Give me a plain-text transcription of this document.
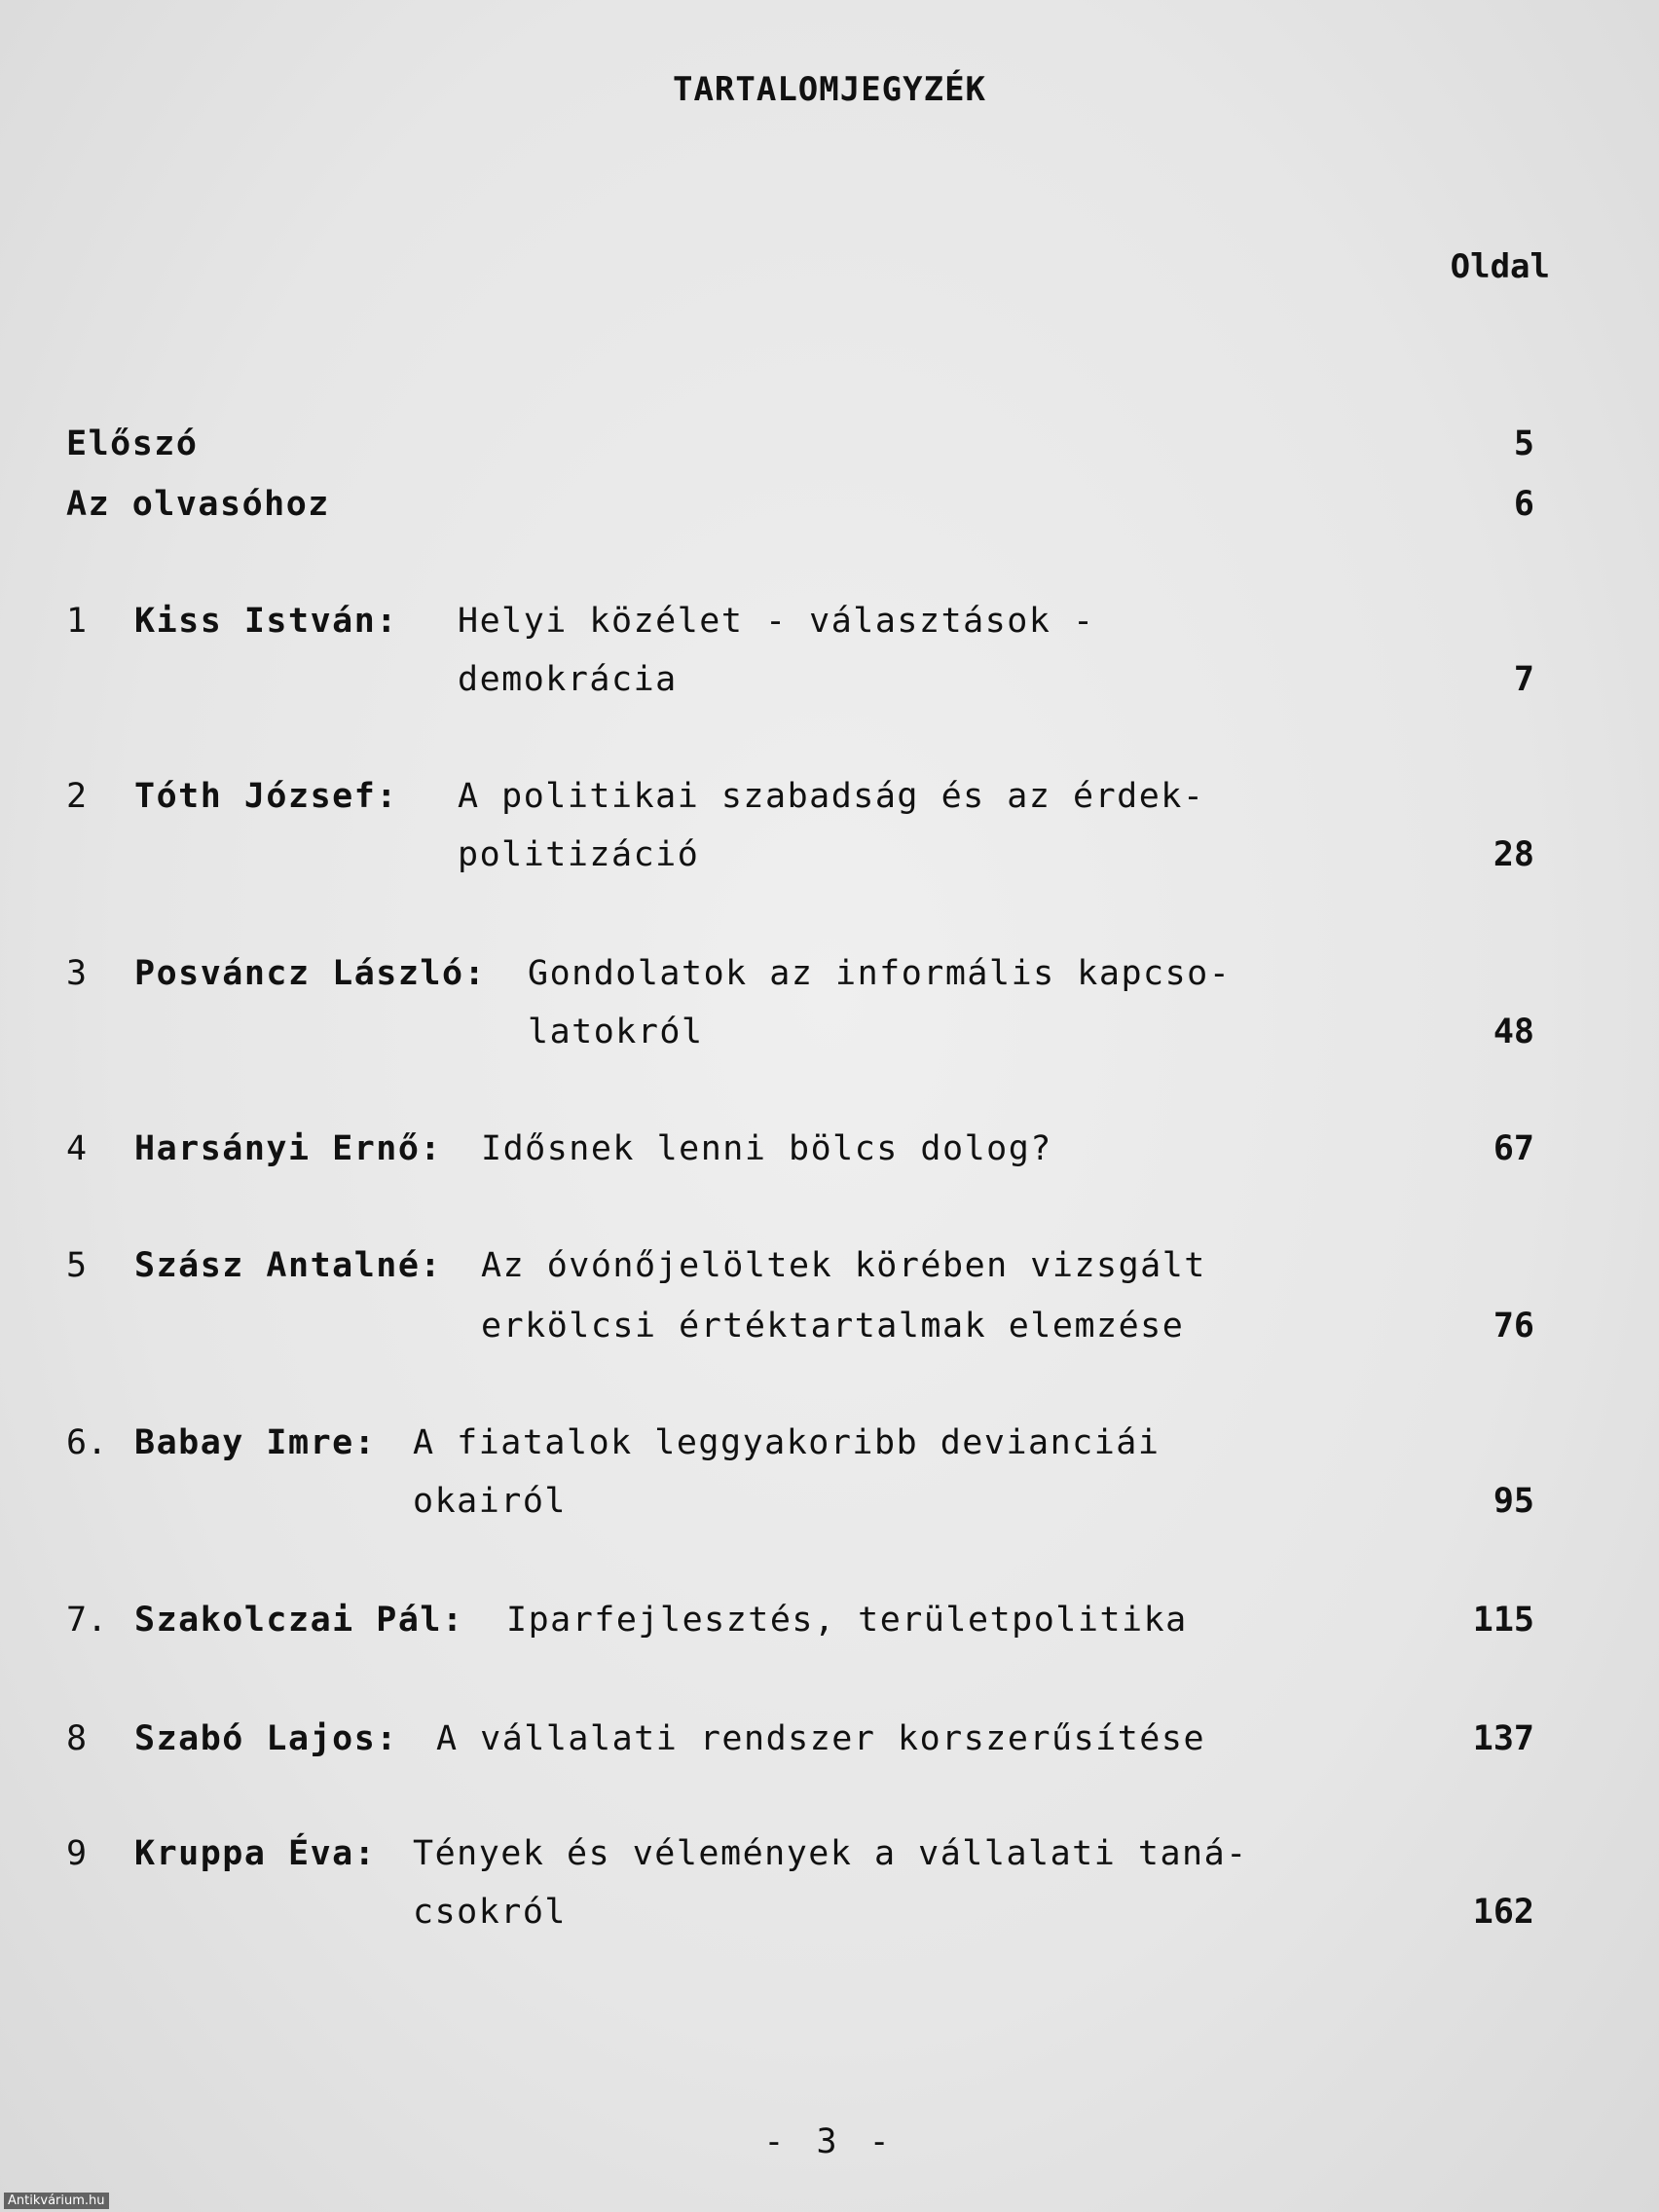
TARTALOMJEGYZÉK
Oldal
Előszó	5
Az olvasóhoz	6
1 Kiss István: Helyi közélet - választások -
demokrácia	7
2 Tóth József: A politikai szabadság és az érdek-
politizáció	28
3 Posváncz László: Gondolatok az informális kapcso-
latokról	48
4 Harsányi Ernő: Idősnek lenni bölcs dolog?	67
5 Szász Antalné: Az óvónőjelöltek körében vizsgált
erkölcsi értéktartalmak elemzése	76
6. Babay Imre: A fiatalok leggyakoribb devianciái
okairól	95
7. Szakolczai Pál: Iparfejlesztés, területpolitika	115
8 Szabó Lajos: A vállalati rendszer korszerűsítése	137
9 Kruppa Éva: Tények és vélemények a vállalati taná-
csokról	162
- 3 -
Antikvárium.hu
